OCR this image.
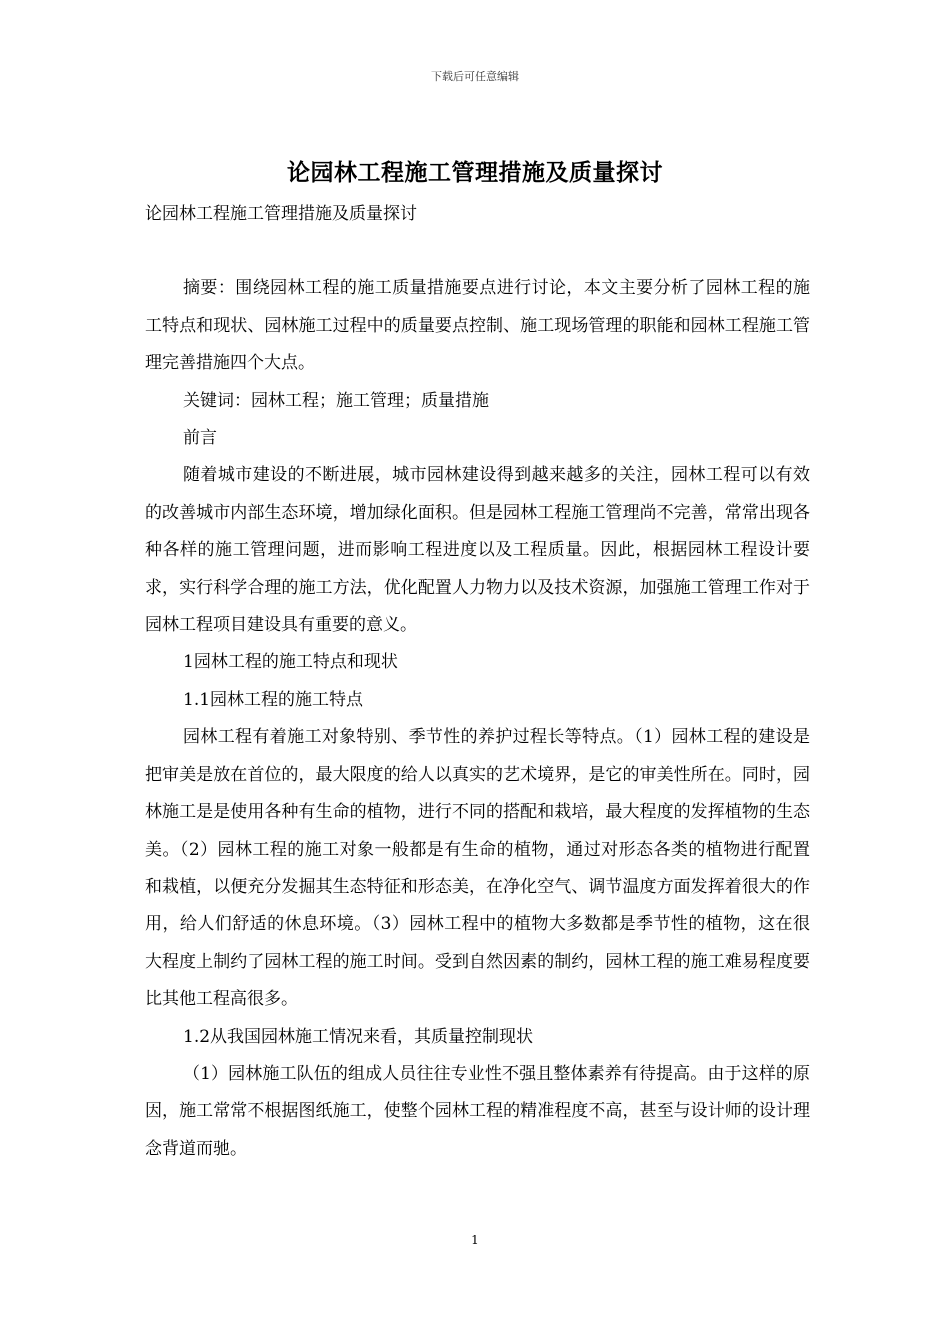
下载后可任意编辑
论园林工程施工管理措施及质量探讨

论园林工程施工管理措施及质量探讨

摘要：围绕园林工程的施工质量措施要点进行讨论，本文主要分析了园林工程的施工特点和现状、园林施工过程中的质量要点控制、施工现场管理的职能和园林工程施工管理完善措施四个大点。

关键词：园林工程；施工管理；质量措施

前言

随着城市建设的不断进展，城市园林建设得到越来越多的关注，园林工程可以有效的改善城市内部生态环境，增加绿化面积。但是园林工程施工管理尚不完善，常常出现各种各样的施工管理问题，进而影响工程进度以及工程质量。因此，根据园林工程设计要求，实行科学合理的施工方法，优化配置人力物力以及技术资源，加强施工管理工作对于园林工程项目建设具有重要的意义。

1园林工程的施工特点和现状

1.1园林工程的施工特点

园林工程有着施工对象特别、季节性的养护过程长等特点。（1）园林工程的建设是把审美是放在首位的，最大限度的给人以真实的艺术境界，是它的审美性所在。同时，园林施工是是使用各种有生命的植物，进行不同的搭配和栽培，最大程度的发挥植物的生态美。（2）园林工程的施工对象一般都是有生命的植物，通过对形态各类的植物进行配置和栽植，以便充分发掘其生态特征和形态美，在净化空气、调节温度方面发挥着很大的作用，给人们舒适的休息环境。（3）园林工程中的植物大多数都是季节性的植物，这在很大程度上制约了园林工程的施工时间。受到自然因素的制约，园林工程的施工难易程度要比其他工程高很多。

1.2从我国园林施工情况来看，其质量控制现状

（1）园林施工队伍的组成人员往往专业性不强且整体素养有待提高。由于这样的原因，施工常常不根据图纸施工，使整个园林工程的精准程度不高，甚至与设计师的设计理念背道而驰。

1
